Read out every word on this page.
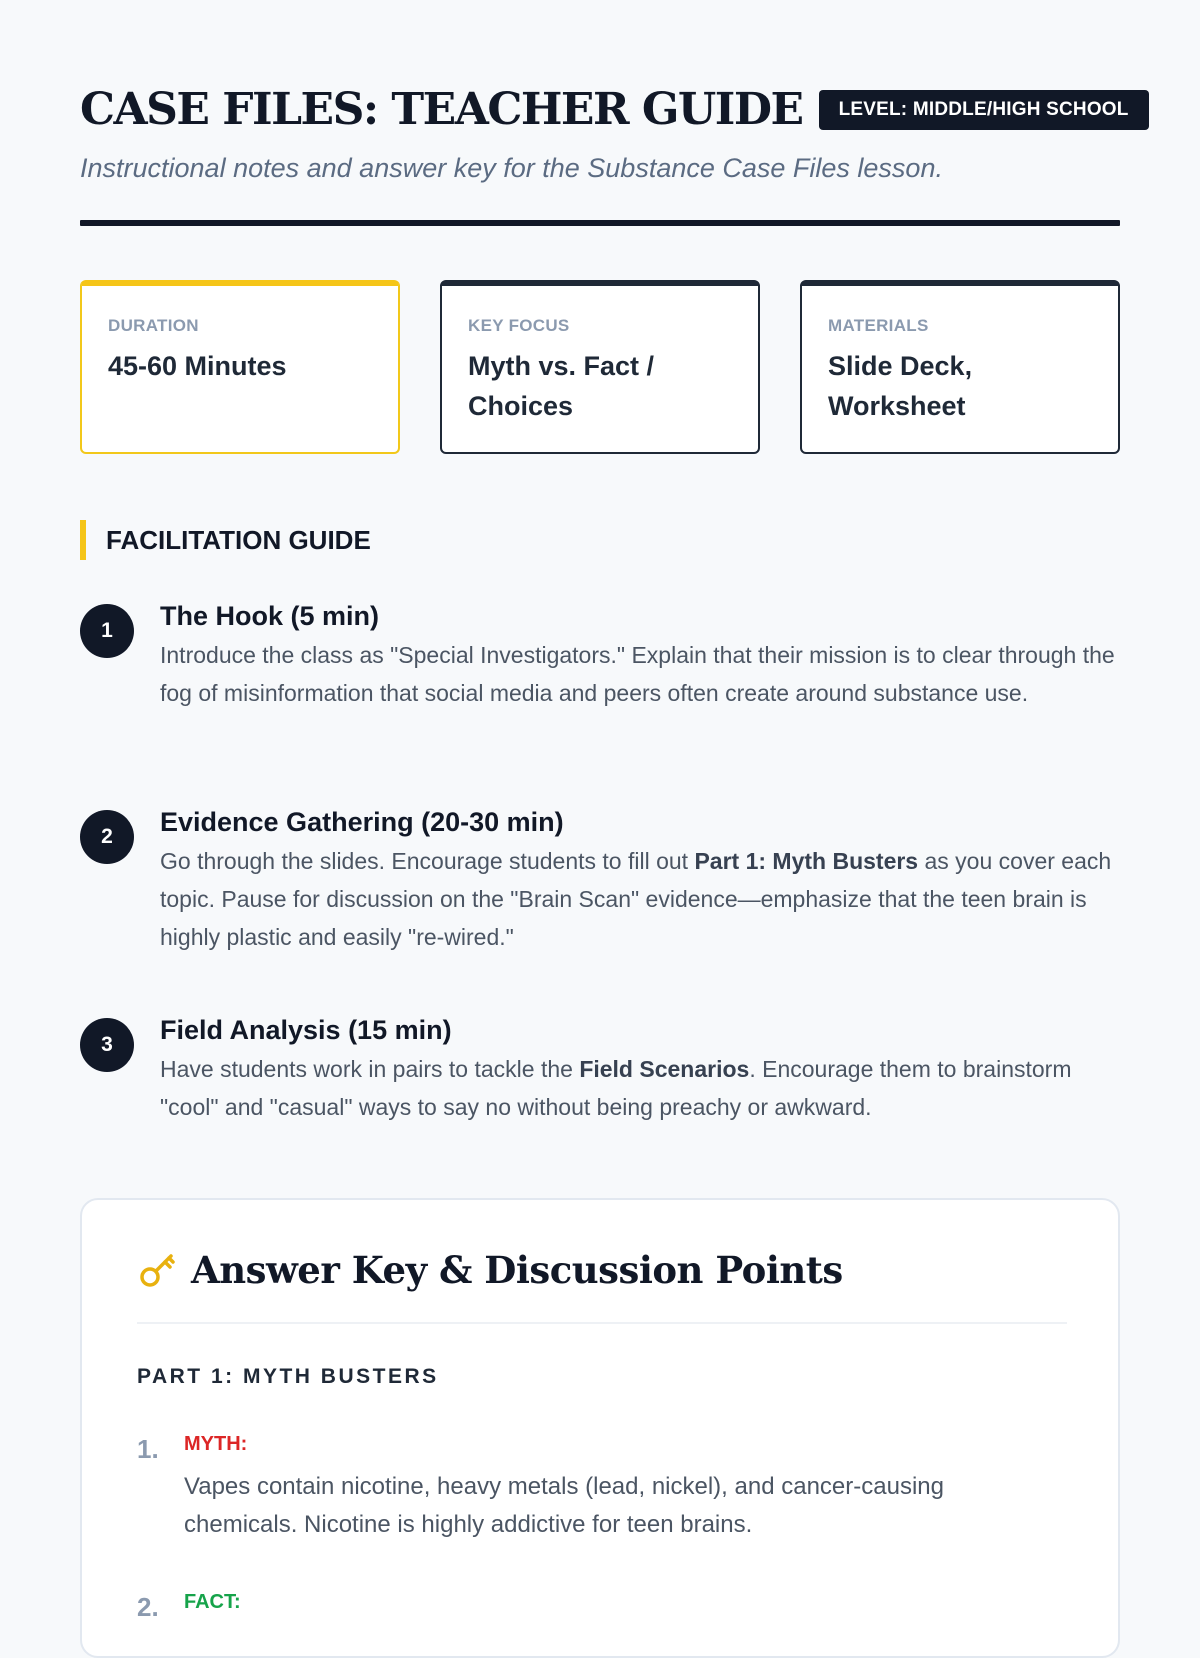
CASE FILES: TEACHER GUIDE	LEVEL: MIDDLE/HIGH SCHOOL
Instructional notes and answer key for the Substance Case Files lesson.
DURATION
45-60 Minutes
KEY FOCUS
Myth vs. Fact / Choices
MATERIALS
Slide Deck, Worksheet
FACILITATION GUIDE
1	The Hook (5 min)
Introduce the class as "Special Investigators." Explain that their mission is to clear through the fog of misinformation that social media and peers often create around substance use.
2	Evidence Gathering (20-30 min)
Go through the slides. Encourage students to fill out Part 1: Myth Busters as you cover each topic. Pause for discussion on the "Brain Scan" evidence—emphasize that the teen brain is highly plastic and easily "re-wired."
3	Field Analysis (15 min)
Have students work in pairs to tackle the Field Scenarios. Encourage them to brainstorm "cool" and "casual" ways to say no without being preachy or awkward.
Answer Key & Discussion Points
PART 1: MYTH BUSTERS
1. MYTH:
Vapes contain nicotine, heavy metals (lead, nickel), and cancer-causing chemicals. Nicotine is highly addictive for teen brains.
2. FACT:
